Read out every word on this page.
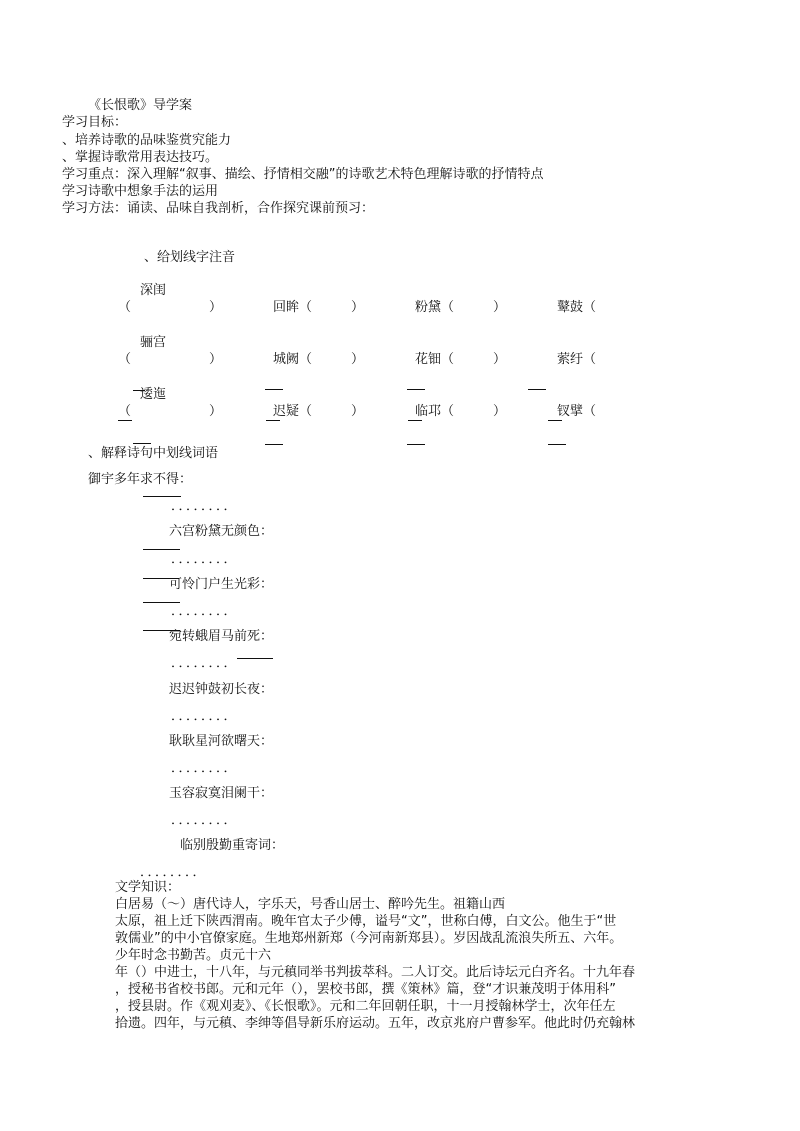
《长恨歌》导学案
学习目标：
、培养诗歌的品味鉴赏究能力
、掌握诗歌常用表达技巧。
学习重点：深入理解“叙事、描绘、抒情相交融”的诗歌艺术特色理解诗歌的抒情特点
学习诗歌中想象手法的运用
学习方法：诵读、品味自我剖析，合作探究课前预习：
、给划线字注音
深闺
（　　　　　　）	回眸（　　　）	粉黛（　　　）	鼙鼓（
骊宫
（　　　　　　）	城阙（　　　）	花钿（　　　）	萦纡（
逶迤
（　　　　　　）	迟疑（　　　）	临邛（　　　）	钗擘（
、解释诗句中划线词语
御宇多年求不得：
．．．．．．．．
六宫粉黛无颜色：
．．．．．．．．
可怜门户生光彩：
．．．．．．．．
宛转蛾眉马前死：
．．．．．．．．
迟迟钟鼓初长夜：
．．．．．．．．
耿耿星河欲曙天：
．．．．．．．．
玉容寂寞泪阑干：
．．．．．．．．
临别殷勤重寄词：
．．．．．．．．
文学知识：
白居易（～）唐代诗人，字乐天，号香山居士、醉吟先生。祖籍山西
太原，祖上迁下陕西渭南。晚年官太子少傅，谥号“文”，世称白傅，白文公。他生于“世
敦儒业”的中小官僚家庭。生地郑州新郑（今河南新郑县）。岁因战乱流浪失所五、六年。
少年时念书勤苦。贞元十六
年（）中进士，十八年，与元稹同举书判拔萃科。二人订交。此后诗坛元白齐名。十九年春
，授秘书省校书郎。元和元年（），罢校书郎，撰《策林》篇，登“才识兼茂明于体用科”
，授县尉。作《观刈麦》、《长恨歌》。元和二年回朝任职，十一月授翰林学士，次年任左
拾遗。四年，与元稹、李绅等倡导新乐府运动。五年，改京兆府户曹参军。他此时仍充翰林
